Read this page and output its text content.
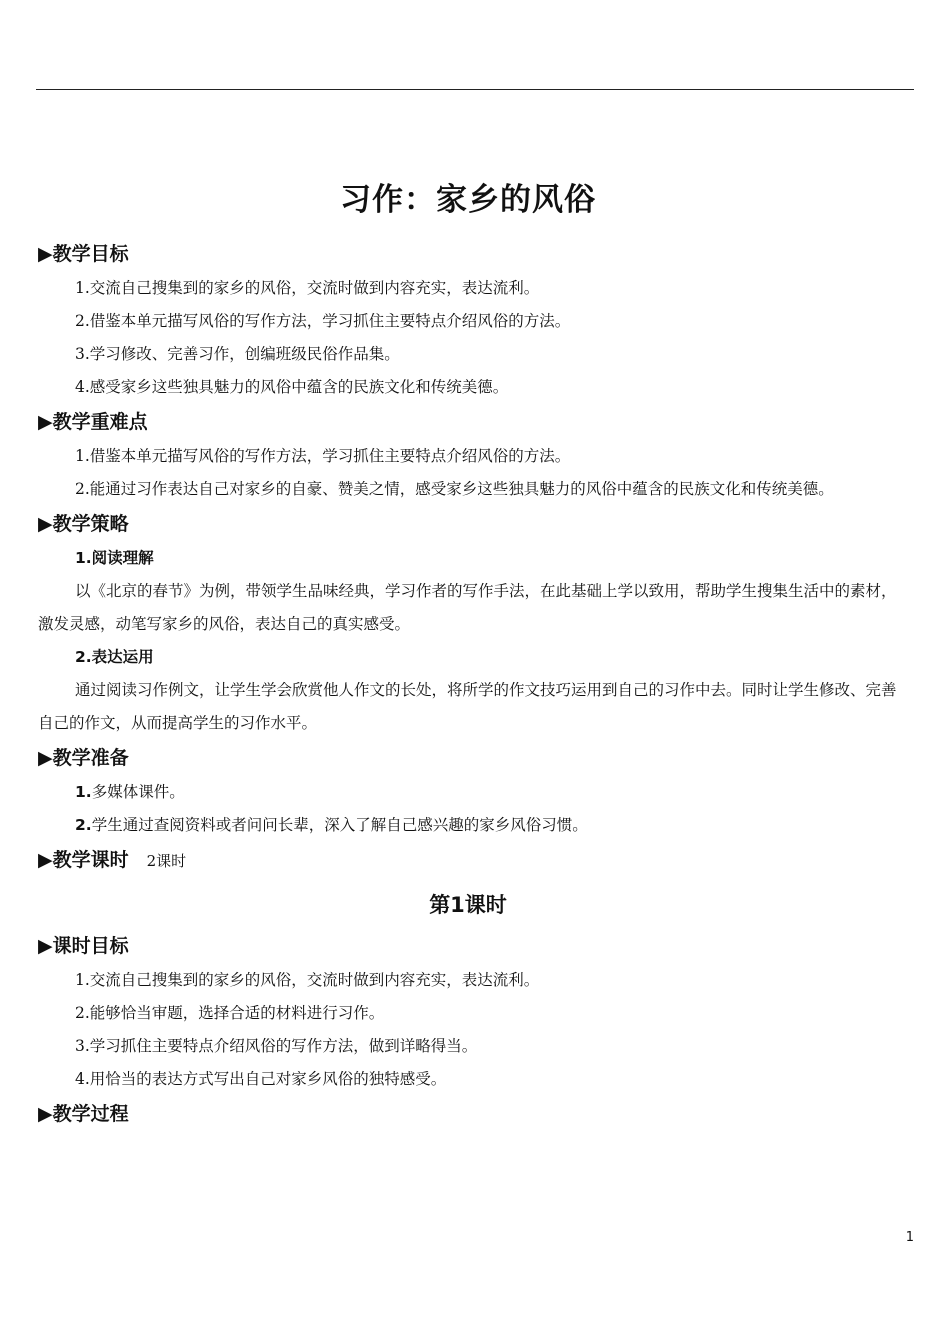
习作：家乡的风俗
▶教学目标

1.交流自己搜集到的家乡的风俗，交流时做到内容充实，表达流利。

2.借鉴本单元描写风俗的写作方法，学习抓住主要特点介绍风俗的方法。

3.学习修改、完善习作，创编班级民俗作品集。

4.感受家乡这些独具魅力的风俗中蕴含的民族文化和传统美德。

▶教学重难点

1.借鉴本单元描写风俗的写作方法，学习抓住主要特点介绍风俗的方法。

2.能通过习作表达自己对家乡的自豪、赞美之情，感受家乡这些独具魅力的风俗中蕴含的民族文化和传统美德。

▶教学策略

1.阅读理解

以《北京的春节》为例，带领学生品味经典，学习作者的写作手法，在此基础上学以致用，帮助学生搜集生活中的素材，激发灵感，动笔写家乡的风俗，表达自己的真实感受。

2.表达运用

通过阅读习作例文，让学生学会欣赏他人作文的长处，将所学的作文技巧运用到自己的习作中去。同时让学生修改、完善自己的作文，从而提高学生的习作水平。

▶教学准备

1.多媒体课件。

2.学生通过查阅资料或者问问长辈，深入了解自己感兴趣的家乡风俗习惯。

▶教学课时 2课时
第1课时
▶课时目标

1.交流自己搜集到的家乡的风俗，交流时做到内容充实，表达流利。

2.能够恰当审题，选择合适的材料进行习作。

3.学习抓住主要特点介绍风俗的写作方法，做到详略得当。

4.用恰当的表达方式写出自己对家乡风俗的独特感受。

▶教学过程
1
